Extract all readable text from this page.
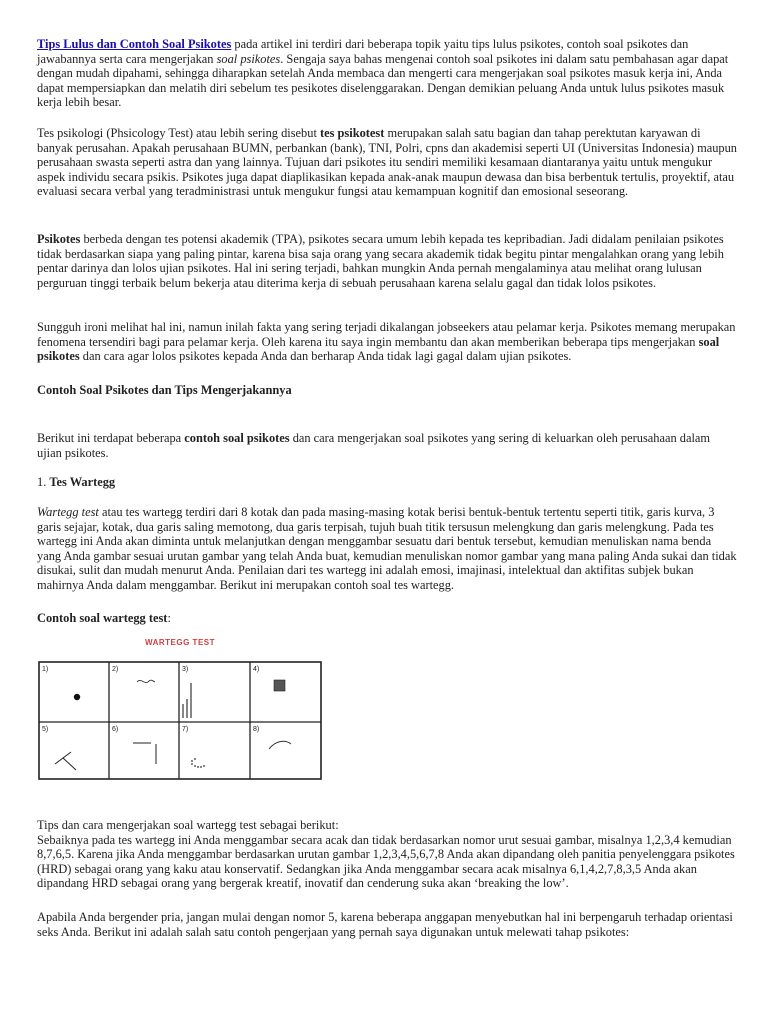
Tips Lulus dan Contoh Soal Psikotes pada artikel ini terdiri dari beberapa topik yaitu tips lulus psikotes, contoh soal psikotes dan jawabannya serta cara mengerjakan soal psikotes. Sengaja saya bahas mengenai contoh soal psikotes ini dalam satu pembahasan agar dapat dengan mudah dipahami, sehingga diharapkan setelah Anda membaca dan mengerti cara mengerjakan soal psikotes masuk kerja ini, Anda dapat mempersiapkan dan melatih diri sebelum tes pesikotes diselenggarakan. Dengan demikian peluang Anda untuk lulus psikotes masuk kerja lebih besar.

Tes psikologi (Phsicology Test) atau lebih sering disebut tes psikotest merupakan salah satu bagian dan tahap perektutan karyawan di banyak perusahan. Apakah perusahaan BUMN, perbankan (bank), TNI, Polri, cpns dan akademisi seperti UI (Universitas Indonesia) maupun perusahaan swasta seperti astra dan yang lainnya. Tujuan dari psikotes itu sendiri memiliki kesamaan diantaranya yaitu untuk mengukur aspek individu secara psikis. Psikotes juga dapat diaplikasikan kepada anak-anak maupun dewasa dan bisa berbentuk tertulis, proyektif, atau evaluasi secara verbal yang teradministrasi untuk mengukur fungsi atau kemampuan kognitif dan emosional seseorang.

Psikotes berbeda dengan tes potensi akademik (TPA), psikotes secara umum lebih kepada tes kepribadian. Jadi didalam penilaian psikotes tidak berdasarkan siapa yang paling pintar, karena bisa saja orang yang secara akademik tidak begitu pintar mengalahkan orang yang lebih pentar darinya dan lolos ujian psikotes. Hal ini sering terjadi, bahkan mungkin Anda pernah mengalaminya atau melihat orang lulusan perguruan tinggi terbaik belum bekerja atau diterima kerja di sebuah perusahaan karena selalu gagal dan tidak lolos psikotes.

Sungguh ironi melihat hal ini, namun inilah fakta yang sering terjadi dikalangan jobseekers atau pelamar kerja. Psikotes memang merupakan fenomena tersendiri bagi para pelamar kerja. Oleh karena itu saya ingin membantu dan akan memberikan beberapa tips mengerjakan soal psikotes dan cara agar lolos psikotes kepada Anda dan berharap Anda tidak lagi gagal dalam ujian psikotes.

Contoh Soal Psikotes dan Tips Mengerjakannya

Berikut ini terdapat beberapa contoh soal psikotes dan cara mengerjakan soal psikotes yang sering di keluarkan oleh perusahaan dalam ujian psikotes.

1. Tes Wartegg

Wartegg test atau tes wartegg terdiri dari 8 kotak dan pada masing-masing kotak berisi bentuk-bentuk tertentu seperti titik, garis kurva, 3 garis sejajar, kotak, dua garis saling memotong, dua garis terpisah, tujuh buah titik tersusun melengkung dan garis melengkung. Pada tes wartegg ini Anda akan diminta untuk melanjutkan dengan menggambar sesuatu dari bentuk tersebut, kemudian menuliskan nama benda yang Anda gambar sesuai urutan gambar yang telah Anda buat, kemudian menuliskan nomor gambar yang mana paling Anda sukai dan tidak disukai, sulit dan mudah menurut Anda. Penilaian dari tes wartegg ini adalah emosi, imajinasi, intelektual dan aktifitas subjek bukan mahirnya Anda dalam menggambar. Berikut ini merupakan contoh soal tes wartegg.

Contoh soal wartegg test:

WARTEGG TEST
1)	2)	3)	4)
5)	6)	7)	8)

Tips dan cara mengerjakan soal wartegg test sebagai berikut:
Sebaiknya pada tes wartegg ini Anda menggambar secara acak dan tidak berdasarkan nomor urut sesuai gambar, misalnya 1,2,3,4 kemudian 8,7,6,5. Karena jika Anda menggambar berdasarkan urutan gambar 1,2,3,4,5,6,7,8 Anda akan dipandang oleh panitia penyelenggara psikotes (HRD) sebagai orang yang kaku atau konservatif. Sedangkan jika Anda menggambar secara acak misalnya 6,1,4,2,7,8,3,5 Anda akan dipandang HRD sebagai orang yang bergerak kreatif, inovatif dan cenderung suka akan ‘breaking the low’.

Apabila Anda bergender pria, jangan mulai dengan nomor 5, karena beberapa anggapan menyebutkan hal ini berpengaruh terhadap orientasi seks Anda. Berikut ini adalah salah satu contoh pengerjaan yang pernah saya digunakan untuk melewati tahap psikotes:
